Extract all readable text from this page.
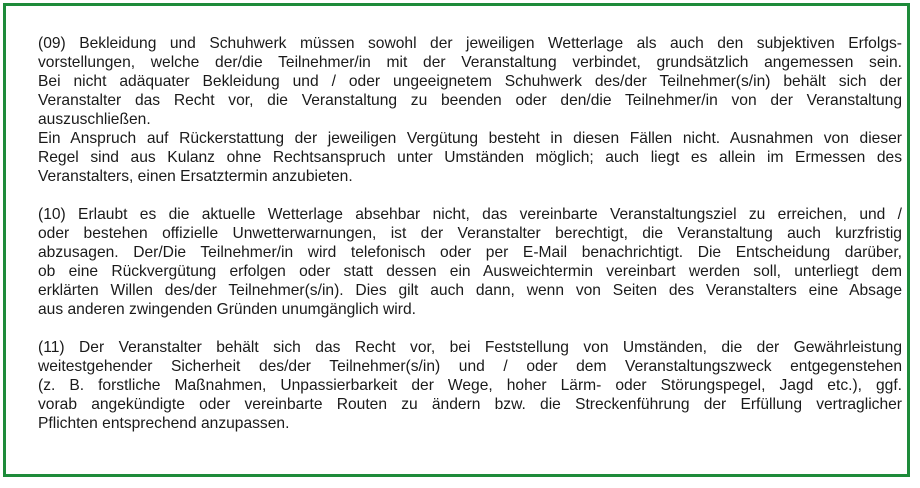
(09) Bekleidung und Schuhwerk müssen sowohl der jeweiligen Wetterlage als auch den subjektiven Erfolgs-
vorstellungen, welche der/die Teilnehmer/in mit der Veranstaltung verbindet, grundsätzlich angemessen sein.
Bei nicht adäquater Bekleidung und / oder ungeeignetem Schuhwerk des/der Teilnehmer(s/in) behält sich der
Veranstalter das Recht vor, die Veranstaltung zu beenden oder den/die Teilnehmer/in von der Veranstaltung
auszuschließen.
Ein Anspruch auf Rückerstattung der jeweiligen Vergütung besteht in diesen Fällen nicht. Ausnahmen von dieser
Regel sind aus Kulanz ohne Rechtsanspruch unter Umständen möglich; auch liegt es allein im Ermessen des
Veranstalters, einen Ersatztermin anzubieten.
(10) Erlaubt es die aktuelle Wetterlage absehbar nicht, das vereinbarte Veranstaltungsziel zu erreichen, und /
oder bestehen offizielle Unwetterwarnungen, ist der Veranstalter berechtigt, die Veranstaltung auch kurzfristig
abzusagen. Der/Die Teilnehmer/in wird telefonisch oder per E-Mail benachrichtigt. Die Entscheidung darüber,
ob eine Rückvergütung erfolgen oder statt dessen ein Ausweichtermin vereinbart werden soll, unterliegt dem
erklärten Willen des/der Teilnehmer(s/in). Dies gilt auch dann, wenn von Seiten des Veranstalters eine Absage
aus anderen zwingenden Gründen unumgänglich wird.
(11) Der Veranstalter behält sich das Recht vor, bei Feststellung von Umständen, die der Gewährleistung
weitestgehender Sicherheit des/der Teilnehmer(s/in) und / oder dem Veranstaltungszweck entgegenstehen
(z. B. forstliche Maßnahmen, Unpassierbarkeit der Wege, hoher Lärm- oder Störungspegel, Jagd etc.), ggf.
vorab angekündigte oder vereinbarte Routen zu ändern bzw. die Streckenführung der Erfüllung vertraglicher
Pflichten entsprechend anzupassen.
